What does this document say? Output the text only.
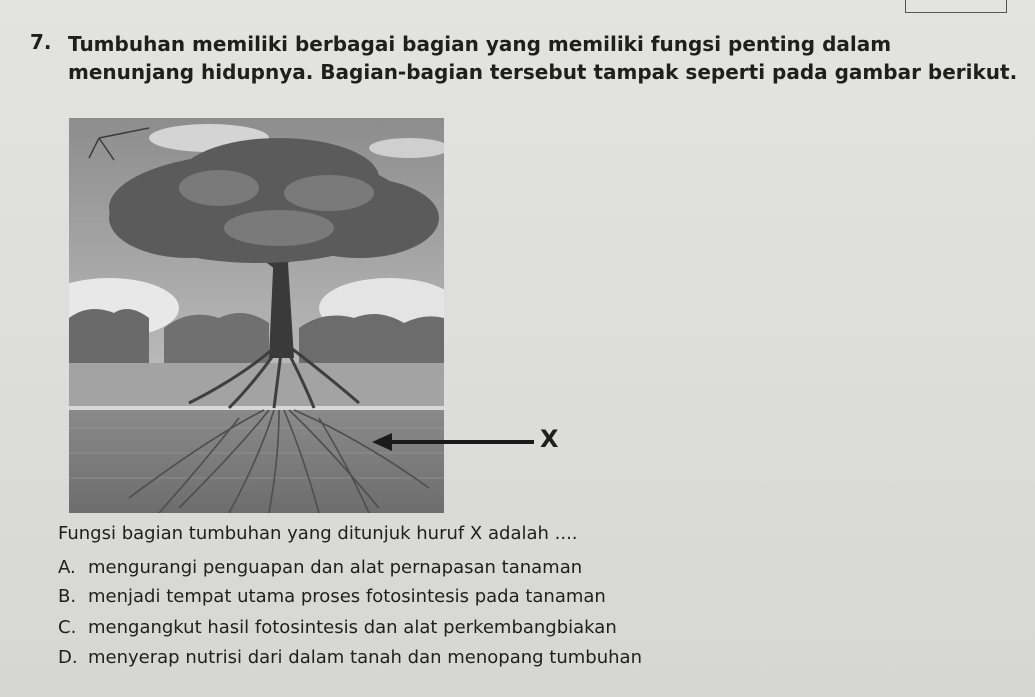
7. Tumbuhan memiliki berbagai bagian yang memiliki fungsi penting dalam menunjang hidupnya. Bagian-bagian tersebut tampak seperti pada gambar berikut.
X
Fungsi bagian tumbuhan yang ditunjuk huruf X adalah ....
A. mengurangi penguapan dan alat pernapasan tanaman
B. menjadi tempat utama proses fotosintesis pada tanaman
C. mengangkut hasil fotosintesis dan alat perkembangbiakan
D. menyerap nutrisi dari dalam tanah dan menopang tumbuhan
